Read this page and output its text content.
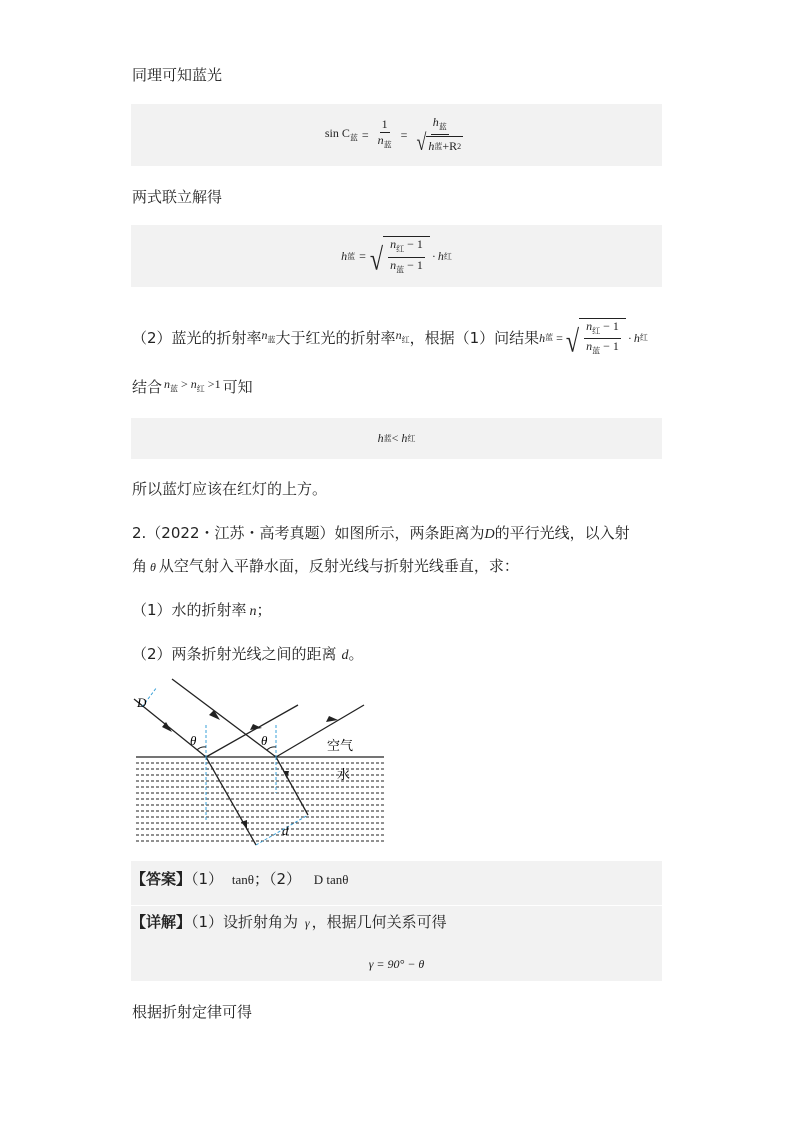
同理可知蓝光

$\sin C_蓝 = \frac{1}{n_蓝} = \frac{h_蓝}{\text{√ h 蓝 +R 2}}$

两式联立解得

h 蓝 = √ $\frac{n_红 - 1}{n_蓝 - 1} \cdot h$ 红
（2）蓝光的折射率 $n_蓝$ 大于红光的折射率 $n_红$ ，根据（1）问结果 h 蓝 = √ $\frac{n_红 - 1}{n_蓝 - 1} \cdot h$ 红
结合 $n_蓝 > n_红 >1$ 可知
h 蓝 < h 红

所以蓝灯应该在红灯的上方。

2.（2022・江苏・高考真题）如图所示，两条距离为D的平行光线，以入射
角 θ 从空气射入平静水面，反射光线与折射光线垂直，求：
（1）水的折射率 n；
（2）两条折射光线之间的距离 d。
D
θ	θ	空气
水
d
【答案】（1） tanθ；（2） D tanθ
【详解】（1）设折射角为 γ ，根据几何关系可得
γ = 90° − θ

根据折射定律可得
